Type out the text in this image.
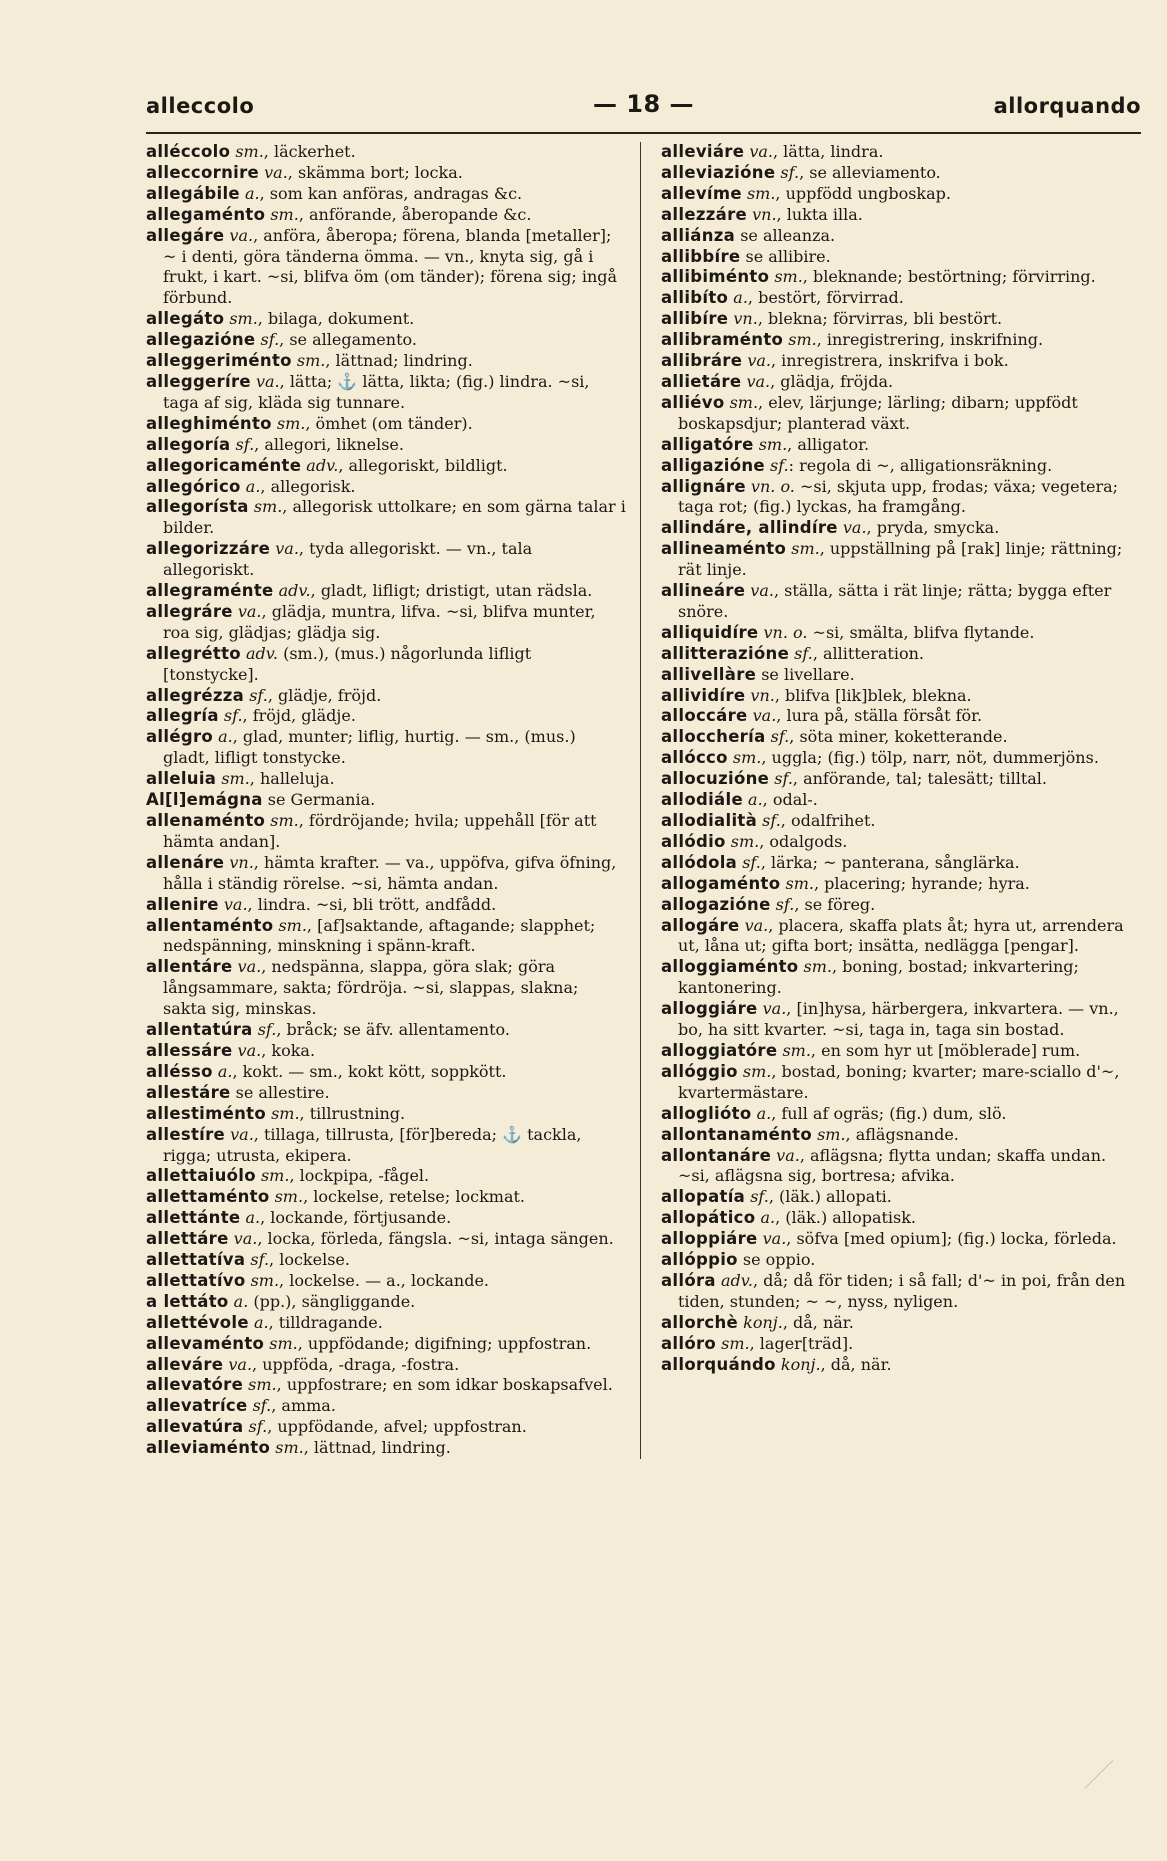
alleccolo	— 18 —	allorquando

alléccolo sm., läckerhet.

alleccornire va., skämma bort; locka.

allegábile a., som kan anföras, andragas &c.

allegaménto sm., anförande, åberopande &c.

allegáre va., anföra, åberopa; förena, blanda [metaller]; ~ i denti, göra tänderna ömma. — vn., knyta sig, gå i frukt, i kart. ~si, blifva öm (om tänder); förena sig; ingå förbund.

allegáto sm., bilaga, dokument.

allegazióne sf., se allegamento.

alleggeriménto sm., lättnad; lindring.

alleggeríre va., lätta; ⚓ lätta, likta; (fig.) lindra. ~si, taga af sig, kläda sig tunnare.

alleghiménto sm., ömhet (om tänder).

allegoría sf., allegori, liknelse.

allegoricaménte adv., allegoriskt, bildligt.

allegórico a., allegorisk.

allegorísta sm., allegorisk uttolkare; en som gärna talar i bilder.

allegorizzáre va., tyda allegoriskt. — vn., tala allegoriskt.

allegraménte adv., gladt, lifligt; dristigt, utan rädsla.

allegráre va., glädja, muntra, lifva. ~si, blifva munter, roa sig, glädjas; glädja sig.

allegrétto adv. (sm.), (mus.) någorlunda lifligt [tonstycke].

allegrézza sf., glädje, fröjd.

allegría sf., fröjd, glädje.

allégro a., glad, munter; liflig, hurtig. — sm., (mus.) gladt, lifligt tonstycke.

alleluia sm., halleluja.

Al[l]emágna se Germania.

allenaménto sm., fördröjande; hvila; uppehåll [för att hämta andan].

allenáre vn., hämta krafter. — va., uppöfva, gifva öfning, hålla i ständig rörelse. ~si, hämta andan.

allenire va., lindra. ~si, bli trött, andfådd.

allentaménto sm., [af]saktande, aftagande; slapphet; nedspänning, minskning i spänn-kraft.

allentáre va., nedspänna, slappa, göra slak; göra långsammare, sakta; fördröja. ~si, slappas, slakna; sakta sig, minskas.

allentatúra sf., bråck; se äfv. allentamento.

allessáre va., koka.

allésso a., kokt. — sm., kokt kött, soppkött.

allestáre se allestire.

allestiménto sm., tillrustning.

allestíre va., tillaga, tillrusta, [för]bereda; ⚓ tackla, rigga; utrusta, ekipera.

allettaiuólo sm., lockpipa, -fågel.

allettaménto sm., lockelse, retelse; lockmat.

allettánte a., lockande, förtjusande.

allettáre va., locka, förleda, fängsla. ~si, intaga sängen.

allettatíva sf., lockelse.

allettatívo sm., lockelse. — a., lockande.

a lettáto a. (pp.), sängliggande.

allettévole a., tilldragande.

allevaménto sm., uppfödande; digifning; uppfostran.

alleváre va., uppföda, -draga, -fostra.

allevatóre sm., uppfostrare; en som idkar boskapsafvel.

allevatríce sf., amma.

allevatúra sf., uppfödande, afvel; uppfostran.

alleviaménto sm., lättnad, lindring.

alleviáre va., lätta, lindra.

alleviazióne sf., se alleviamento.

allevíme sm., uppfödd ungboskap.

allezzáre vn., lukta illa.

alliánza se alleanza.

allibbíre se allibire.

allibiménto sm., bleknande; bestörtning; förvirring.

allibíto a., bestört, förvirrad.

allibíre vn., blekna; förvirras, bli bestört.

allibraménto sm., inregistrering, inskrifning.

allibráre va., inregistrera, inskrifva i bok.

allietáre va., glädja, fröjda.

alliévo sm., elev, lärjunge; lärling; dibarn; uppfödt boskapsdjur; planterad växt.

alligatóre sm., alligator.

alligazióne sf.: regola di ~, alligationsräkning.

allignáre vn. o. ~si, skjuta upp, frodas; växa; vegetera; taga rot; (fig.) lyckas, ha framgång.

allindáre, allindíre va., pryda, smycka.

allineaménto sm., uppställning på [rak] linje; rättning; rät linje.

allineáre va., ställa, sätta i rät linje; rätta; bygga efter snöre.

alliquidíre vn. o. ~si, smälta, blifva flytande.

allitterazióne sf., allitteration.

allivellàre se livellare.

allividíre vn., blifva [lik]blek, blekna.

alloccáre va., lura på, ställa försåt för.

allocchería sf., söta miner, koketterande.

allócco sm., uggla; (fig.) tölp, narr, nöt, dummerjöns.

allocuzióne sf., anförande, tal; talesätt; tilltal.

allodiále a., odal-.

allodialità sf., odalfrihet.

allódio sm., odalgods.

allódola sf., lärka; ~ panterana, sånglärka.

allogaménto sm., placering; hyrande; hyra.

allogazióne sf., se föreg.

allogáre va., placera, skaffa plats åt; hyra ut, arrendera ut, låna ut; gifta bort; insätta, nedlägga [pengar].

alloggiaménto sm., boning, bostad; inkvartering; kantonering.

alloggiáre va., [in]hysa, härbergera, inkvartera. — vn., bo, ha sitt kvarter. ~si, taga in, taga sin bostad.

alloggiatóre sm., en som hyr ut [möblerade] rum.

allóggio sm., bostad, boning; kvarter; mare-sciallo d'~, kvartermästare.

alloglióto a., full af ogräs; (fig.) dum, slö.

allontanaménto sm., aflägsnande.

allontanáre va., aflägsna; flytta undan; skaffa undan. ~si, aflägsna sig, bortresa; afvika.

allopatía sf., (läk.) allopati.

allopático a., (läk.) allopatisk.

alloppiáre va., söfva [med opium]; (fig.) locka, förleda.

allóppio se oppio.

allóra adv., då; då för tiden; i så fall; d'~ in poi, från den tiden, stunden; ~ ~, nyss, nyligen.

allorchè konj., då, när.

allóro sm., lager[träd].

allorquándo konj., då, när.
